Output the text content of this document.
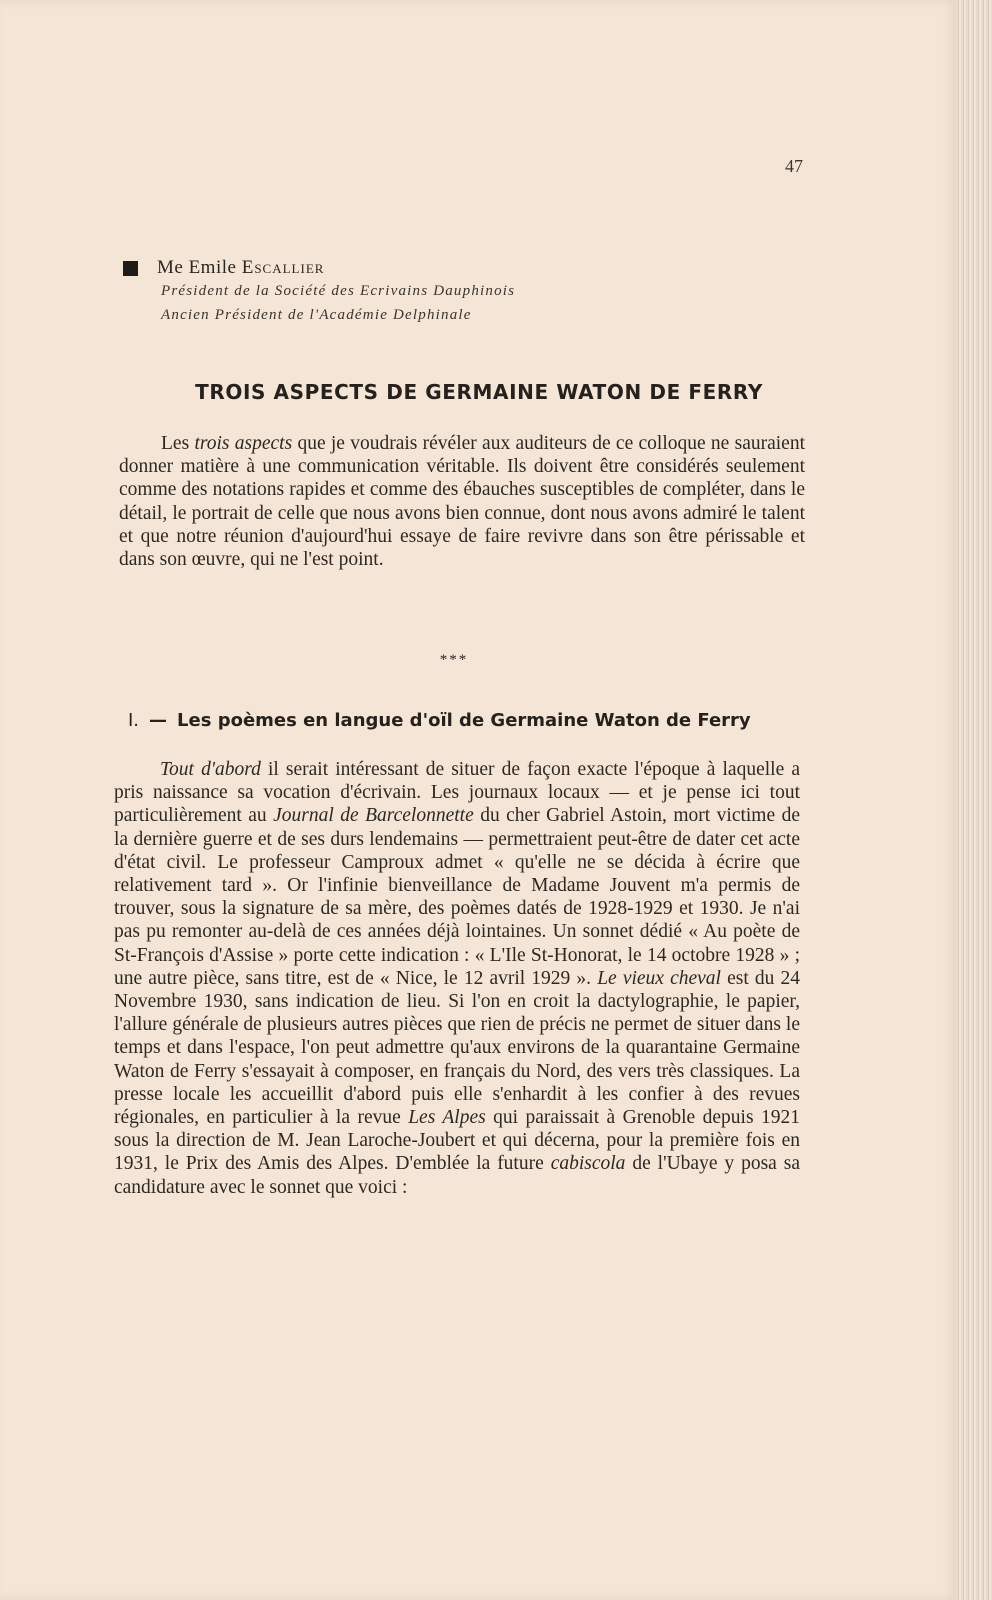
47
Me Emile Escallier
Président de la Société des Ecrivains Dauphinois
Ancien Président de l'Académie Delphinale
TROIS ASPECTS DE GERMAINE WATON DE FERRY

Les trois aspects que je voudrais révéler aux auditeurs de ce colloque ne sauraient donner matière à une communication véritable. Ils doivent être considérés seulement comme des notations rapides et comme des ébauches susceptibles de compléter, dans le détail, le portrait de celle que nous avons bien connue, dont nous avons admiré le talent et que notre réunion d'aujourd'hui essaye de faire revivre dans son être périssable et dans son œuvre, qui ne l'est point.

***
I. — Les poèmes en langue d'oïl de Germaine Waton de Ferry

Tout d'abord il serait intéressant de situer de façon exacte l'époque à laquelle a pris naissance sa vocation d'écrivain. Les journaux locaux — et je pense ici tout particulièrement au Journal de Barcelonnette du cher Gabriel Astoin, mort victime de la dernière guerre et de ses durs lendemains — permettraient peut-être de dater cet acte d'état civil. Le professeur Camproux admet « qu'elle ne se décida à écrire que relativement tard ». Or l'infinie bienveillance de Madame Jouvent m'a permis de trouver, sous la signature de sa mère, des poèmes datés de 1928-1929 et 1930. Je n'ai pas pu remonter au-delà de ces années déjà lointaines. Un sonnet dédié « Au poète de St-François d'Assise » porte cette indication : « L'Ile St-Honorat, le 14 octobre 1928 » ; une autre pièce, sans titre, est de « Nice, le 12 avril 1929 ». Le vieux cheval est du 24 Novembre 1930, sans indication de lieu. Si l'on en croit la dactylographie, le papier, l'allure générale de plusieurs autres pièces que rien de précis ne permet de situer dans le temps et dans l'espace, l'on peut admettre qu'aux environs de la quarantaine Germaine Waton de Ferry s'essayait à composer, en français du Nord, des vers très classiques. La presse locale les accueillit d'abord puis elle s'enhardit à les confier à des revues régionales, en particulier à la revue Les Alpes qui paraissait à Grenoble depuis 1921 sous la direction de M. Jean Laroche-Joubert et qui décerna, pour la première fois en 1931, le Prix des Amis des Alpes. D'emblée la future cabiscola de l'Ubaye y posa sa candidature avec le sonnet que voici :
